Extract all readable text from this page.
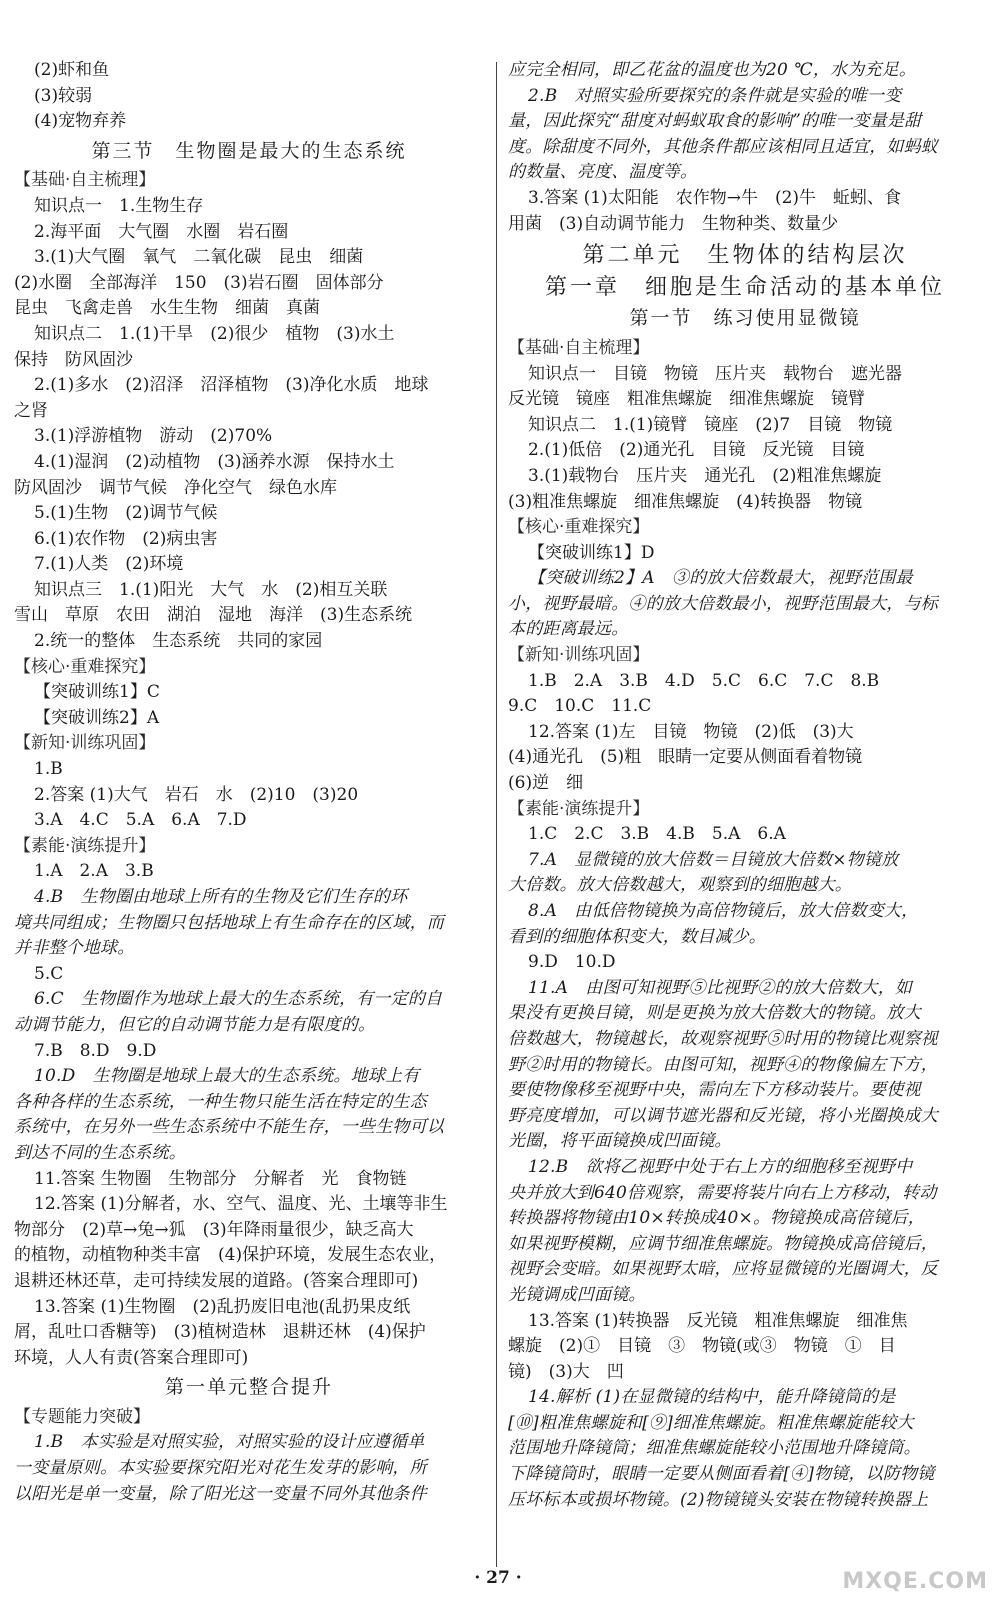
(2)虾和鱼
(3)较弱
(4)宠物弃养
第三节　生物圈是最大的生态系统
【基础·自主梳理】
知识点一　1.生物生存
2.海平面　大气圈　水圈　岩石圈
3.(1)大气圈　氧气　二氧化碳　昆虫　细菌
(2)水圈　全部海洋　150　(3)岩石圈　固体部分
昆虫　飞禽走兽　水生生物　细菌　真菌
知识点二　1.(1)干旱　(2)很少　植物　(3)水土
保持　防风固沙
2.(1)多水　(2)沼泽　沼泽植物　(3)净化水质　地球
之肾
3.(1)浮游植物　游动　(2)70%
4.(1)湿润　(2)动植物　(3)涵养水源　保持水土
防风固沙　调节气候　净化空气　绿色水库
5.(1)生物　(2)调节气候
6.(1)农作物　(2)病虫害
7.(1)人类　(2)环境
知识点三　1.(1)阳光　大气　水　(2)相互关联
雪山　草原　农田　湖泊　湿地　海洋　(3)生态系统
2.统一的整体　生态系统　共同的家园
【核心·重难探究】
【突破训练1】C
【突破训练2】A
【新知·训练巩固】
1.B
2.答案 (1)大气　岩石　水　(2)10　(3)20
3.A　4.C　5.A　6.A　7.D
【素能·演练提升】
1.A　2.A　3.B
4.B　生物圈由地球上所有的生物及它们生存的环
境共同组成；生物圈只包括地球上有生命存在的区域，而
并非整个地球。
5.C
6.C　生物圈作为地球上最大的生态系统，有一定的自
动调节能力，但它的自动调节能力是有限度的。
7.B　8.D　9.D
10.D　生物圈是地球上最大的生态系统。地球上有
各种各样的生态系统，一种生物只能生活在特定的生态
系统中，在另外一些生态系统中不能生存，一些生物可以
到达不同的生态系统。
11.答案 生物圈　生物部分　分解者　光　食物链
12.答案 (1)分解者，水、空气、温度、光、土壤等非生
物部分　(2)草→兔→狐　(3)年降雨量很少，缺乏高大
的植物，动植物种类丰富　(4)保护环境，发展生态农业，
退耕还林还草，走可持续发展的道路。(答案合理即可)
13.答案 (1)生物圈　(2)乱扔废旧电池(乱扔果皮纸
屑，乱吐口香糖等)　(3)植树造林　退耕还林　(4)保护
环境，人人有责(答案合理即可)
第一单元整合提升
【专题能力突破】
1.B　本实验是对照实验，对照实验的设计应遵循单
一变量原则。本实验要探究阳光对花生发芽的影响，所
以阳光是单一变量，除了阳光这一变量不同外其他条件
应完全相同，即乙花盆的温度也为20 ℃，水为充足。
2.B　对照实验所要探究的条件就是实验的唯一变
量，因此探究“甜度对蚂蚁取食的影响”的唯一变量是甜
度。除甜度不同外，其他条件都应该相同且适宜，如蚂蚁
的数量、亮度、温度等。
3.答案 (1)太阳能　农作物→牛　(2)牛　蚯蚓、食
用菌　(3)自动调节能力　生物种类、数量少
第二单元　生物体的结构层次
第一章　细胞是生命活动的基本单位
第一节　练习使用显微镜
【基础·自主梳理】
知识点一　目镜　物镜　压片夹　载物台　遮光器
反光镜　镜座　粗准焦螺旋　细准焦螺旋　镜臂
知识点二　1.(1)镜臂　镜座　(2)7　目镜　物镜
2.(1)低倍　(2)通光孔　目镜　反光镜　目镜
3.(1)载物台　压片夹　通光孔　(2)粗准焦螺旋
(3)粗准焦螺旋　细准焦螺旋　(4)转换器　物镜
【核心·重难探究】
【突破训练1】D
【突破训练2】A　③的放大倍数最大，视野范围最
小，视野最暗。④的放大倍数最小，视野范围最大，与标
本的距离最远。
【新知·训练巩固】
1.B　2.A　3.B　4.D　5.C　6.C　7.C　8.B
9.C　10.C　11.C
12.答案 (1)左　目镜　物镜　(2)低　(3)大
(4)通光孔　(5)粗　眼睛一定要从侧面看着物镜
(6)逆　细
【素能·演练提升】
1.C　2.C　3.B　4.B　5.A　6.A
7.A　显微镜的放大倍数＝目镜放大倍数×物镜放
大倍数。放大倍数越大，观察到的细胞越大。
8.A　由低倍物镜换为高倍物镜后，放大倍数变大，
看到的细胞体积变大，数目减少。
9.D　10.D
11.A　由图可知视野⑤比视野②的放大倍数大，如
果没有更换目镜，则是更换为放大倍数大的物镜。放大
倍数越大，物镜越长，故观察视野⑤时用的物镜比观察视
野②时用的物镜长。由图可知，视野④的物像偏左下方，
要使物像移至视野中央，需向左下方移动装片。要使视
野亮度增加，可以调节遮光器和反光镜，将小光圈换成大
光圈，将平面镜换成凹面镜。
12.B　欲将乙视野中处于右上方的细胞移至视野中
央并放大到640倍观察，需要将装片向右上方移动，转动
转换器将物镜由10×转换成40×。物镜换成高倍镜后，
如果视野模糊，应调节细准焦螺旋。物镜换成高倍镜后，
视野会变暗。如果视野太暗，应将显微镜的光圈调大，反
光镜调成凹面镜。
13.答案 (1)转换器　反光镜　粗准焦螺旋　细准焦
螺旋　(2)①　目镜　③　物镜(或③　物镜　①　目
镜)　(3)大　凹
14.解析 (1)在显微镜的结构中，能升降镜筒的是
[⑩]粗准焦螺旋和[⑨]细准焦螺旋。粗准焦螺旋能较大
范围地升降镜筒；细准焦螺旋能较小范围地升降镜筒。
下降镜筒时，眼睛一定要从侧面看着[④]物镜，以防物镜
压坏标本或损坏物镜。(2)物镜镜头安装在物镜转换器上
· 27 ·	MXQE.COM
